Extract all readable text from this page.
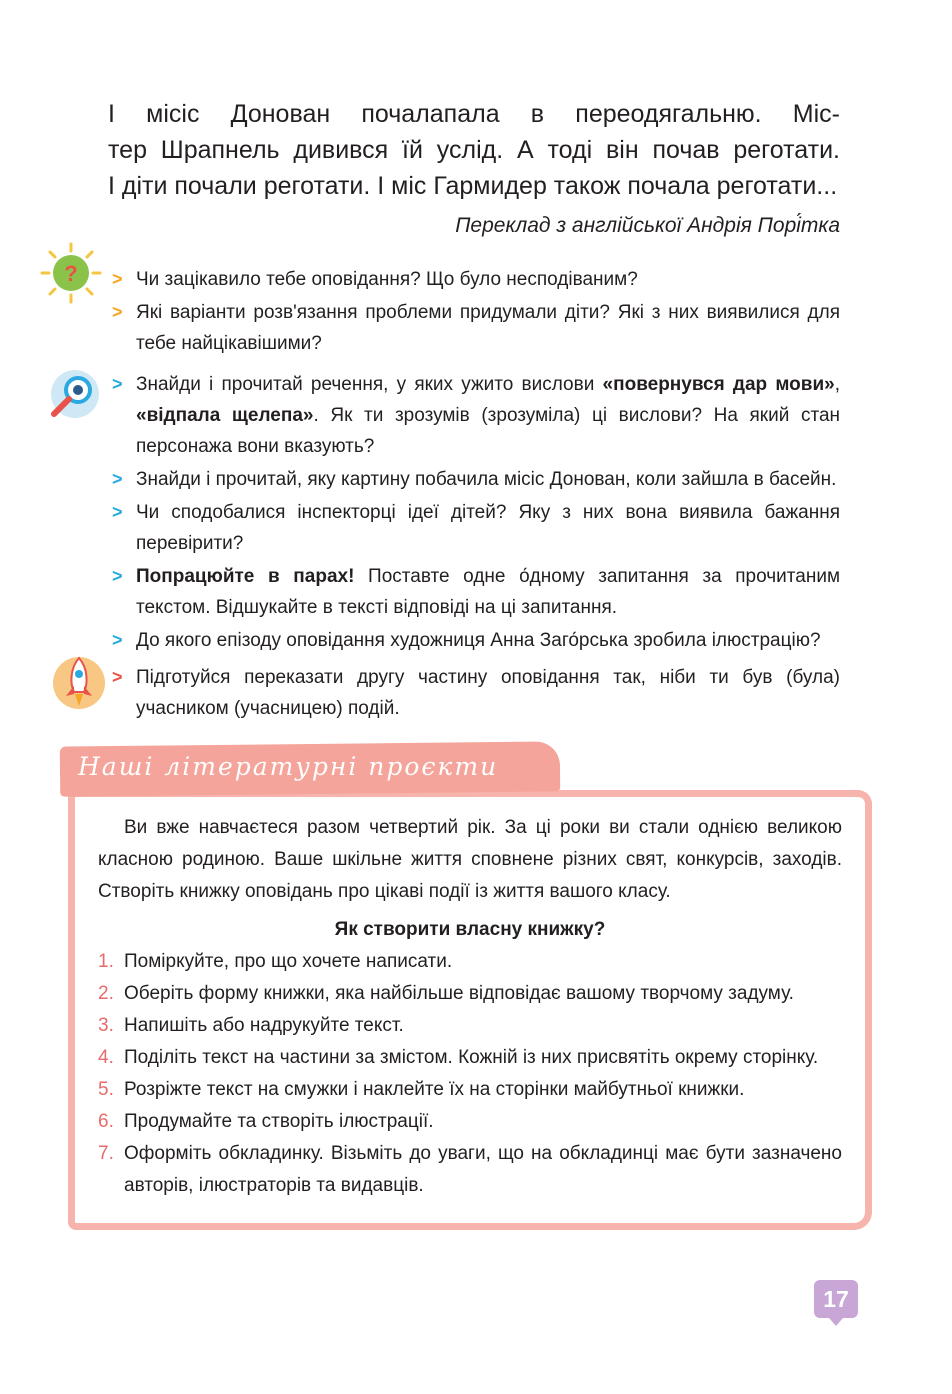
І місіс Донован почалапала в переодягальню. Міс-

тер Шрапнель дивився їй услід. А тоді він почав реготати.

І діти почали реготати. І міс Гармидер також почала реготати...

Переклад з англійської Андрія Порі́тка
? > Чи зацікавило тебе оповідання? Що було несподіваним?
> Які варіанти розв'язання проблеми придумали діти? Які з них виявилися для тебе найцікавішими?
> Знайди і прочитай речення, у яких ужито вислови «повернувся дар мови», «відпала щелепа». Як ти зрозумів (зрозуміла) ці вислови? На який стан персонажа вони вказують?
> Знайди і прочитай, яку картину побачила місіс Донован, коли зайшла в басейн.
> Чи сподобалися інспекторці ідеї дітей? Яку з них вона виявила бажання перевірити?
> Попрацюйте в парах! Поставте одне о́дному запитання за прочитаним текстом. Відшукайте в тексті відповіді на ці запитання.
> До якого епізоду оповідання художниця Анна Заго́рська зробила ілюстрацію?
> Підготуйся переказати другу частину оповідання так, ніби ти був (була) учасником (учасницею) подій.
Наші літературні проєкти

Ви вже навчаєтеся разом четвертий рік. За ці роки ви стали однією великою класною родиною. Ваше шкільне життя сповнене різних свят, конкурсів, заходів. Створіть книжку оповідань про цікаві події із життя вашого класу.

Як створити власну книжку?

1. Поміркуйте, про що хочете написати.
2. Оберіть форму книжки, яка найбільше відповідає вашому творчому задуму.
3. Напишіть або надрукуйте текст.
4. Поділіть текст на частини за змістом. Кожній із них присвятіть окрему сторінку.
5. Розріжте текст на смужки і наклейте їх на сторінки майбутньої книжки.
6. Продумайте та створіть ілюстрації.
7. Оформіть обкладинку. Візьміть до уваги, що на обкладинці має бути зазначено авторів, ілюстраторів та видавців.
17
